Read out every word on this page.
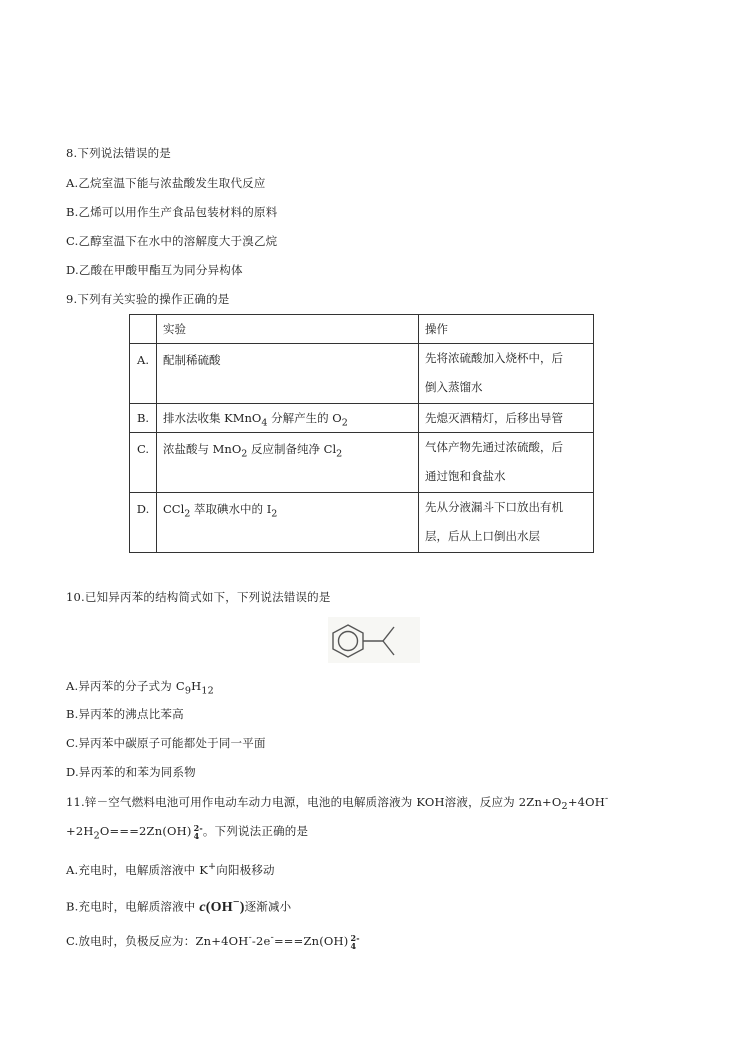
8.下列说法错误的是
A.乙烷室温下能与浓盐酸发生取代反应
B.乙烯可以用作生产食品包装材料的原料
C.乙醇室温下在水中的溶解度大于溴乙烷
D.乙酸在甲酸甲酯互为同分异构体
9.下列有关实验的操作正确的是
	实验	操作
A.	配制稀硫酸	先将浓硫酸加入烧杯中，后
倒入蒸馏水

B.	排水法收集 KMnO$_4$ 分解产生的 $O_2$	先熄灭酒精灯，后移出导管
C.	浓盐酸与 MnO$_2$ 反应制备纯净 $Cl_2$	气体产物先通过浓硫酸，后
通过饱和食盐水

D.	CCl$_2$ 萃取碘水中的 $I_2$	先从分液漏斗下口放出有机
层，后从上口倒出水层
10.已知异丙苯的结构简式如下，下列说法错误的是
A.异丙苯的分子式为 $C_9H_{12}$
B.异丙苯的沸点比苯高
C.异丙苯中碳原子可能都处于同一平面
D.异丙苯的和苯为同系物
11.锌－空气燃料电池可用作电动车动力电源，电池的电解质溶液为 KOH溶液，反应为 $2Zn+O_2+4OH^-$
$+2H_2O===2Zn(OH)$ 2-
4 。下列说法正确的是
A.充电时，电解质溶液中 K+向阳极移动
B.充电时，电解质溶液中 c(OH−)逐渐减小
C.放电时，负极反应为：Zn+4OH--2e-===Zn(OH) 2-
4
